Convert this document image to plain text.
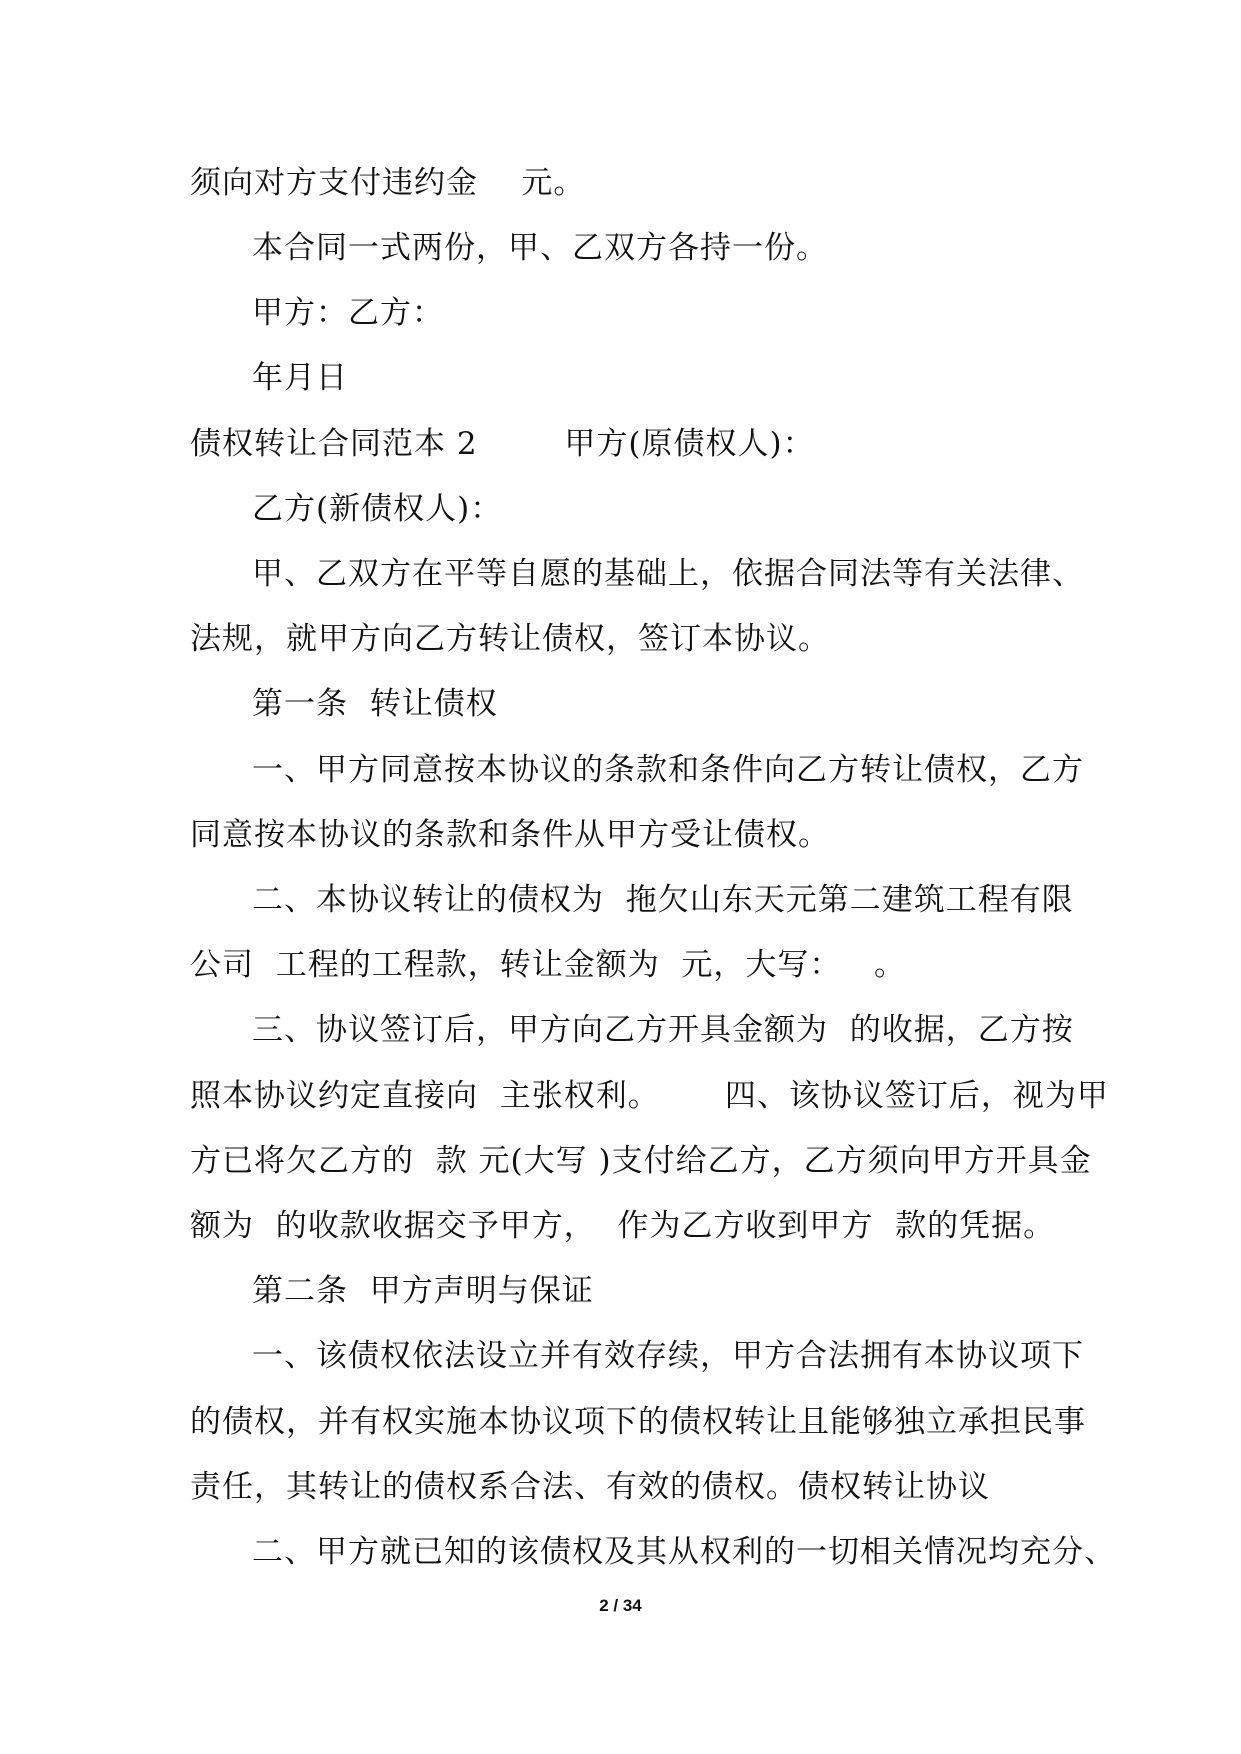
须向对方支付违约金    元。
本合同一式两份，甲、乙双方各持一份。
甲方：乙方：
年月日
债权转让合同范本 2        甲方(原债权人)：
乙方(新债权人)：
甲、乙双方在平等自愿的基础上，依据合同法等有关法律、
法规，就甲方向乙方转让债权，签订本协议。
第一条  转让债权
一、甲方同意按本协议的条款和条件向乙方转让债权，乙方
同意按本协议的条款和条件从甲方受让债权。
二、本协议转让的债权为  拖欠山东天元第二建筑工程有限
公司  工程的工程款，转让金额为  元，大写：   。
三、协议签订后，甲方向乙方开具金额为  的收据，乙方按
照本协议约定直接向  主张权利。      四、该协议签订后，视为甲
方已将欠乙方的  款 元(大写 )支付给乙方，乙方须向甲方开具金
额为  的收款收据交予甲方，  作为乙方收到甲方  款的凭据。
第二条  甲方声明与保证
一、该债权依法设立并有效存续，甲方合法拥有本协议项下
的债权，并有权实施本协议项下的债权转让且能够独立承担民事
责任，其转让的债权系合法、有效的债权。债权转让协议
二、甲方就已知的该债权及其从权利的一切相关情况均充分、
2 / 34
